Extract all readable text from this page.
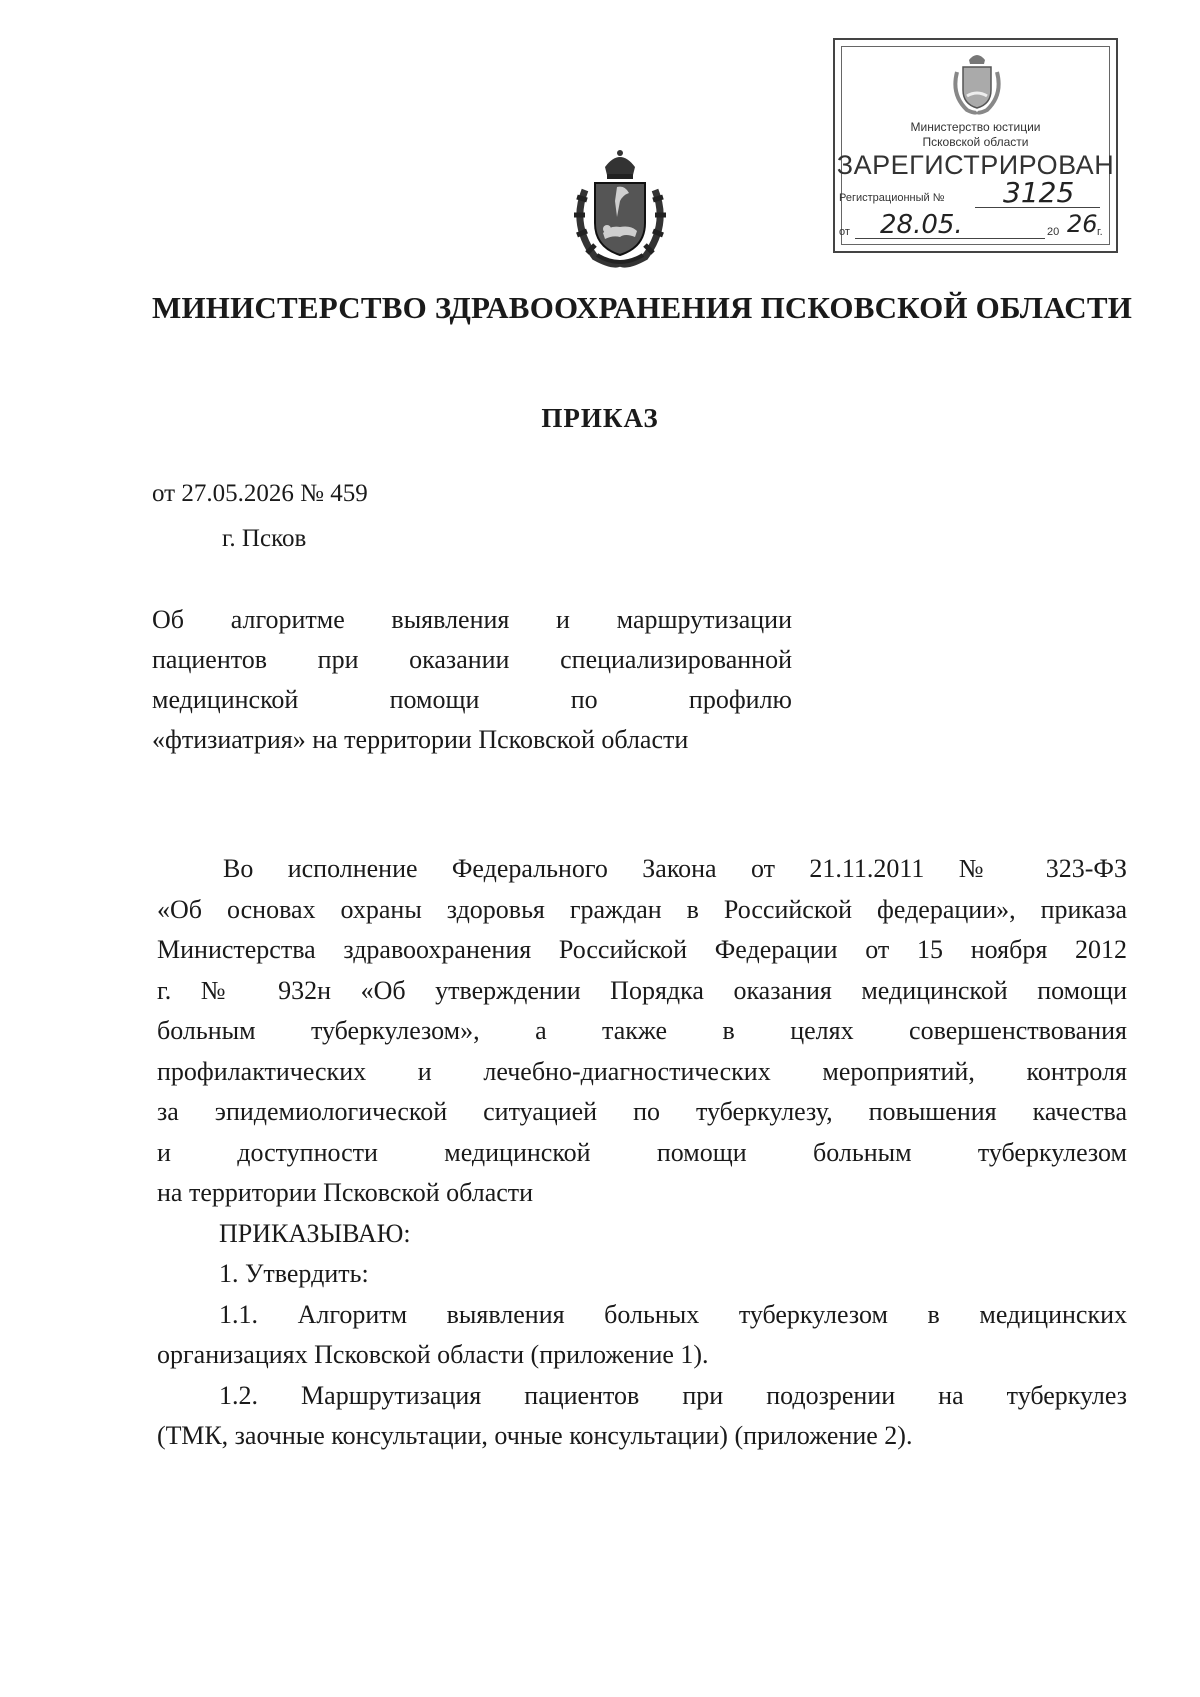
Министерство юстиции
Псковской области
ЗАРЕГИСТРИРОВАН
Регистрационный № 3125
от 28.05.	20 26 г.
МИНИСТЕРСТВО ЗДРАВООХРАНЕНИЯ ПСКОВСКОЙ ОБЛАСТИ
ПРИКАЗ
от 27.05.2026 № 459
г. Псков
Об алгоритме выявления и маршрутизации
пациентов при оказании специализированной
медицинской помощи по профилю
«фтизиатрия» на территории Псковской области
Во исполнение Федерального Закона от 21.11.2011 № 323-ФЗ
«Об основах охраны здоровья граждан в Российской федерации», приказа
Министерства здравоохранения Российской Федерации от 15 ноября 2012
г. № 932н «Об утверждении Порядка оказания медицинской помощи
больным туберкулезом», а также в целях совершенствования
профилактических и лечебно-диагностических мероприятий, контроля
за эпидемиологической ситуацией по туберкулезу, повышения качества
и доступности медицинской помощи больным туберкулезом
на территории Псковской области
ПРИКАЗЫВАЮ:
1. Утвердить:
1.1. Алгоритм выявления больных туберкулезом в медицинских
организациях Псковской области (приложение 1).
1.2. Маршрутизация пациентов при подозрении на туберкулез
(ТМК, заочные консультации, очные консультации) (приложение 2).
